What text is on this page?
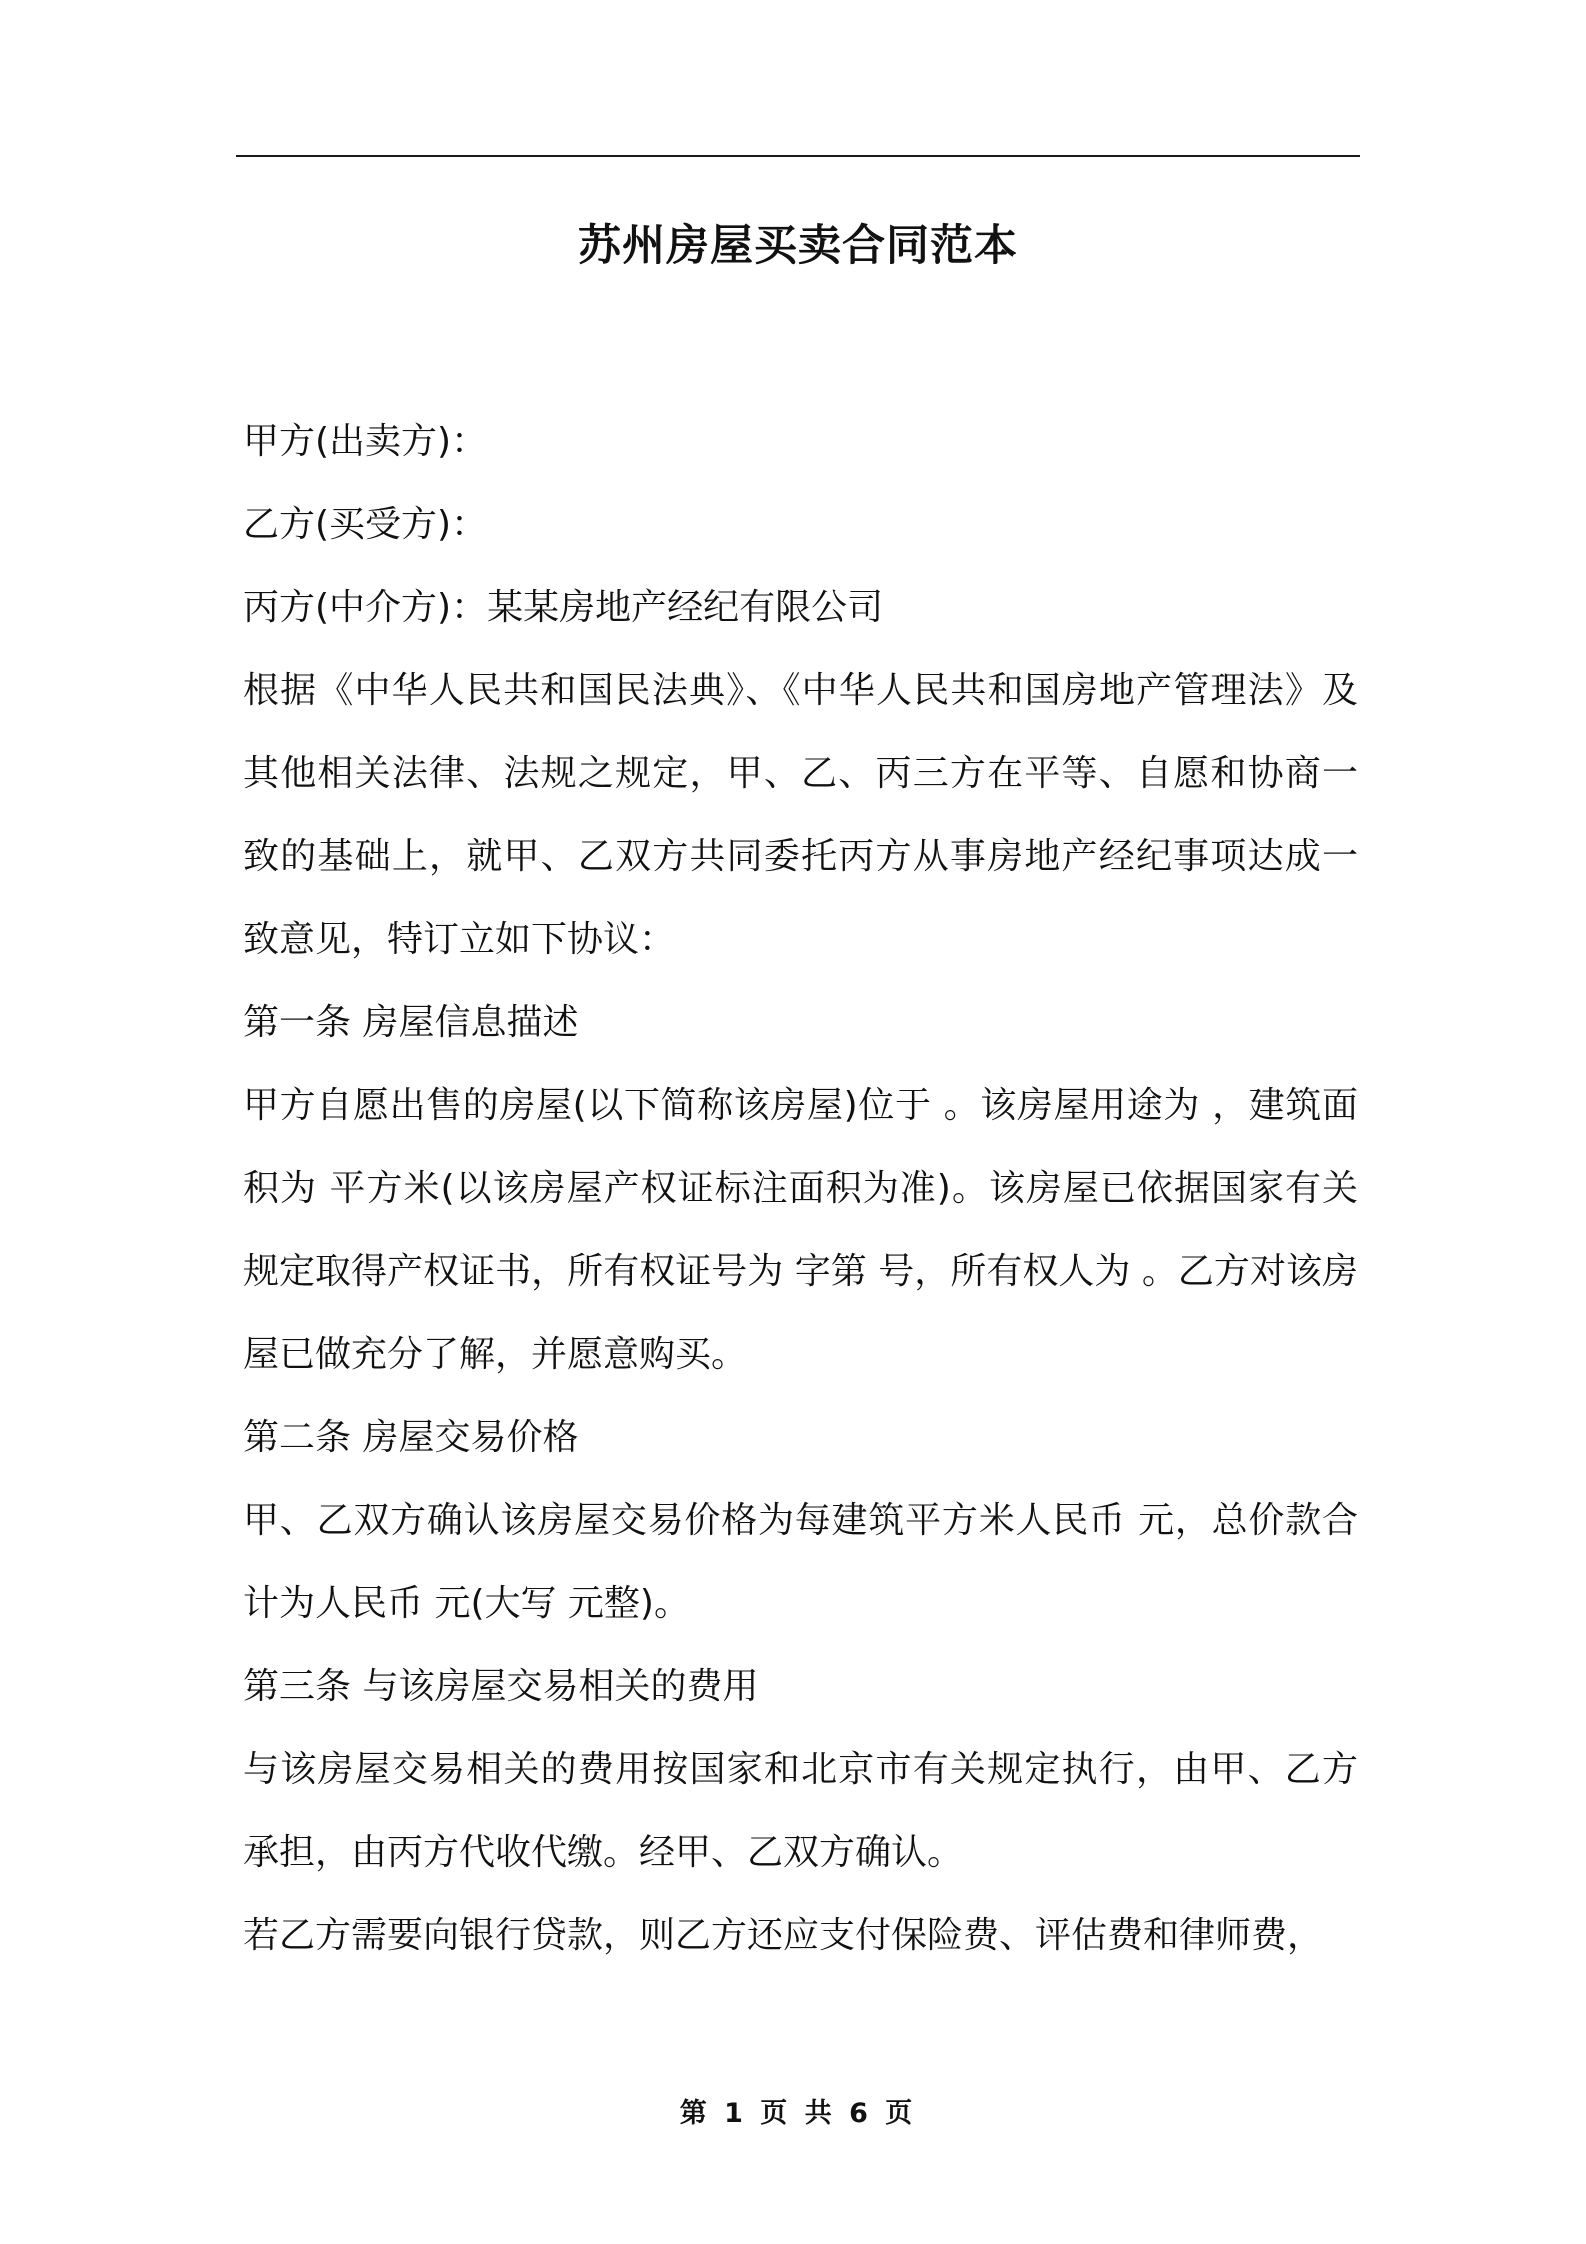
苏州房屋买卖合同范本

甲方(出卖方)：

乙方(买受方)：

丙方(中介方)：某某房地产经纪有限公司

根据《中华人民共和国民法典》、《中华人民共和国房地产管理法》及其他相关法律、法规之规定，甲、乙、丙三方在平等、自愿和协商一致的基础上，就甲、乙双方共同委托丙方从事房地产经纪事项达成一致意见，特订立如下协议：

第一条 房屋信息描述

甲方自愿出售的房屋(以下简称该房屋)位于 。该房屋用途为 ，建筑面积为 平方米(以该房屋产权证标注面积为准)。该房屋已依据国家有关规定取得产权证书，所有权证号为 字第 号，所有权人为 。乙方对该房屋已做充分了解，并愿意购买。

第二条 房屋交易价格

甲、乙双方确认该房屋交易价格为每建筑平方米人民币 元，总价款合计为人民币 元(大写 元整)。

第三条 与该房屋交易相关的费用

与该房屋交易相关的费用按国家和北京市有关规定执行，由甲、乙方承担，由丙方代收代缴。经甲、乙双方确认。

若乙方需要向银行贷款，则乙方还应支付保险费、评估费和律师费，

第 1 页 共 6 页
